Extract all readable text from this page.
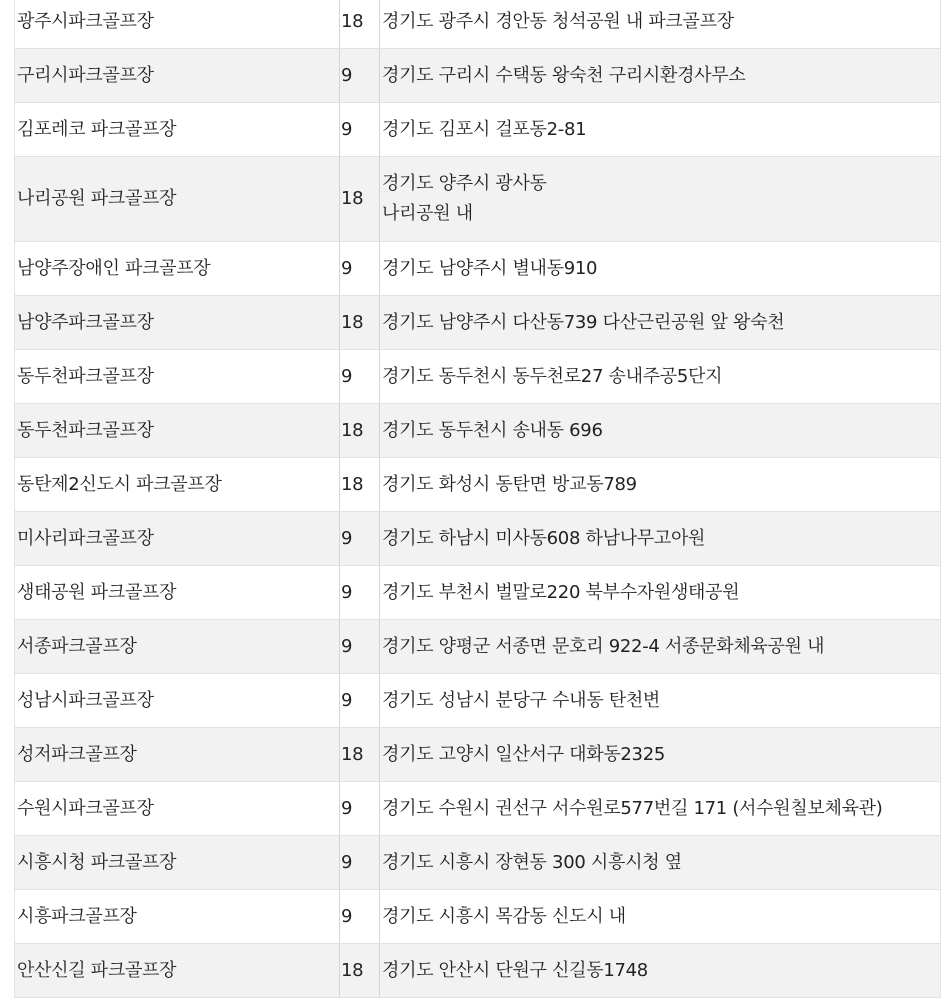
광주시파크골프장	18	경기도 광주시 경안동 청석공원 내 파크골프장

구리시파크골프장	9	경기도 구리시 수택동 왕숙천 구리시환경사무소

김포레코 파크골프장	9	경기도 김포시 걸포동2-81

나리공원 파크골프장	18	경기도 양주시 광사동
나리공원 내

남양주장애인 파크골프장	9	경기도 남양주시 별내동910

남양주파크골프장	18	경기도 남양주시 다산동739 다산근린공원 앞 왕숙천

동두천파크골프장	9	경기도 동두천시 동두천로27 송내주공5단지

동두천파크골프장	18	경기도 동두천시 송내동 696

동탄제2신도시 파크골프장	18	경기도 화성시 동탄면 방교동789

미사리파크골프장	9	경기도 하남시 미사동608 하남나무고아원

생태공원 파크골프장	9	경기도 부천시 벌말로220 북부수자원생태공원

서종파크골프장	9	경기도 양평군 서종면 문호리 922-4 서종문화체육공원 내

성남시파크골프장	9	경기도 성남시 분당구 수내동 탄천변

성저파크골프장	18	경기도 고양시 일산서구 대화동2325

수원시파크골프장	9	경기도 수원시 권선구 서수원로577번길 171 (서수원칠보체육관)

시흥시청 파크골프장	9	경기도 시흥시 장현동 300 시흥시청 옆

시흥파크골프장	9	경기도 시흥시 목감동 신도시 내

안산신길 파크골프장	18	경기도 안산시 단원구 신길동1748
